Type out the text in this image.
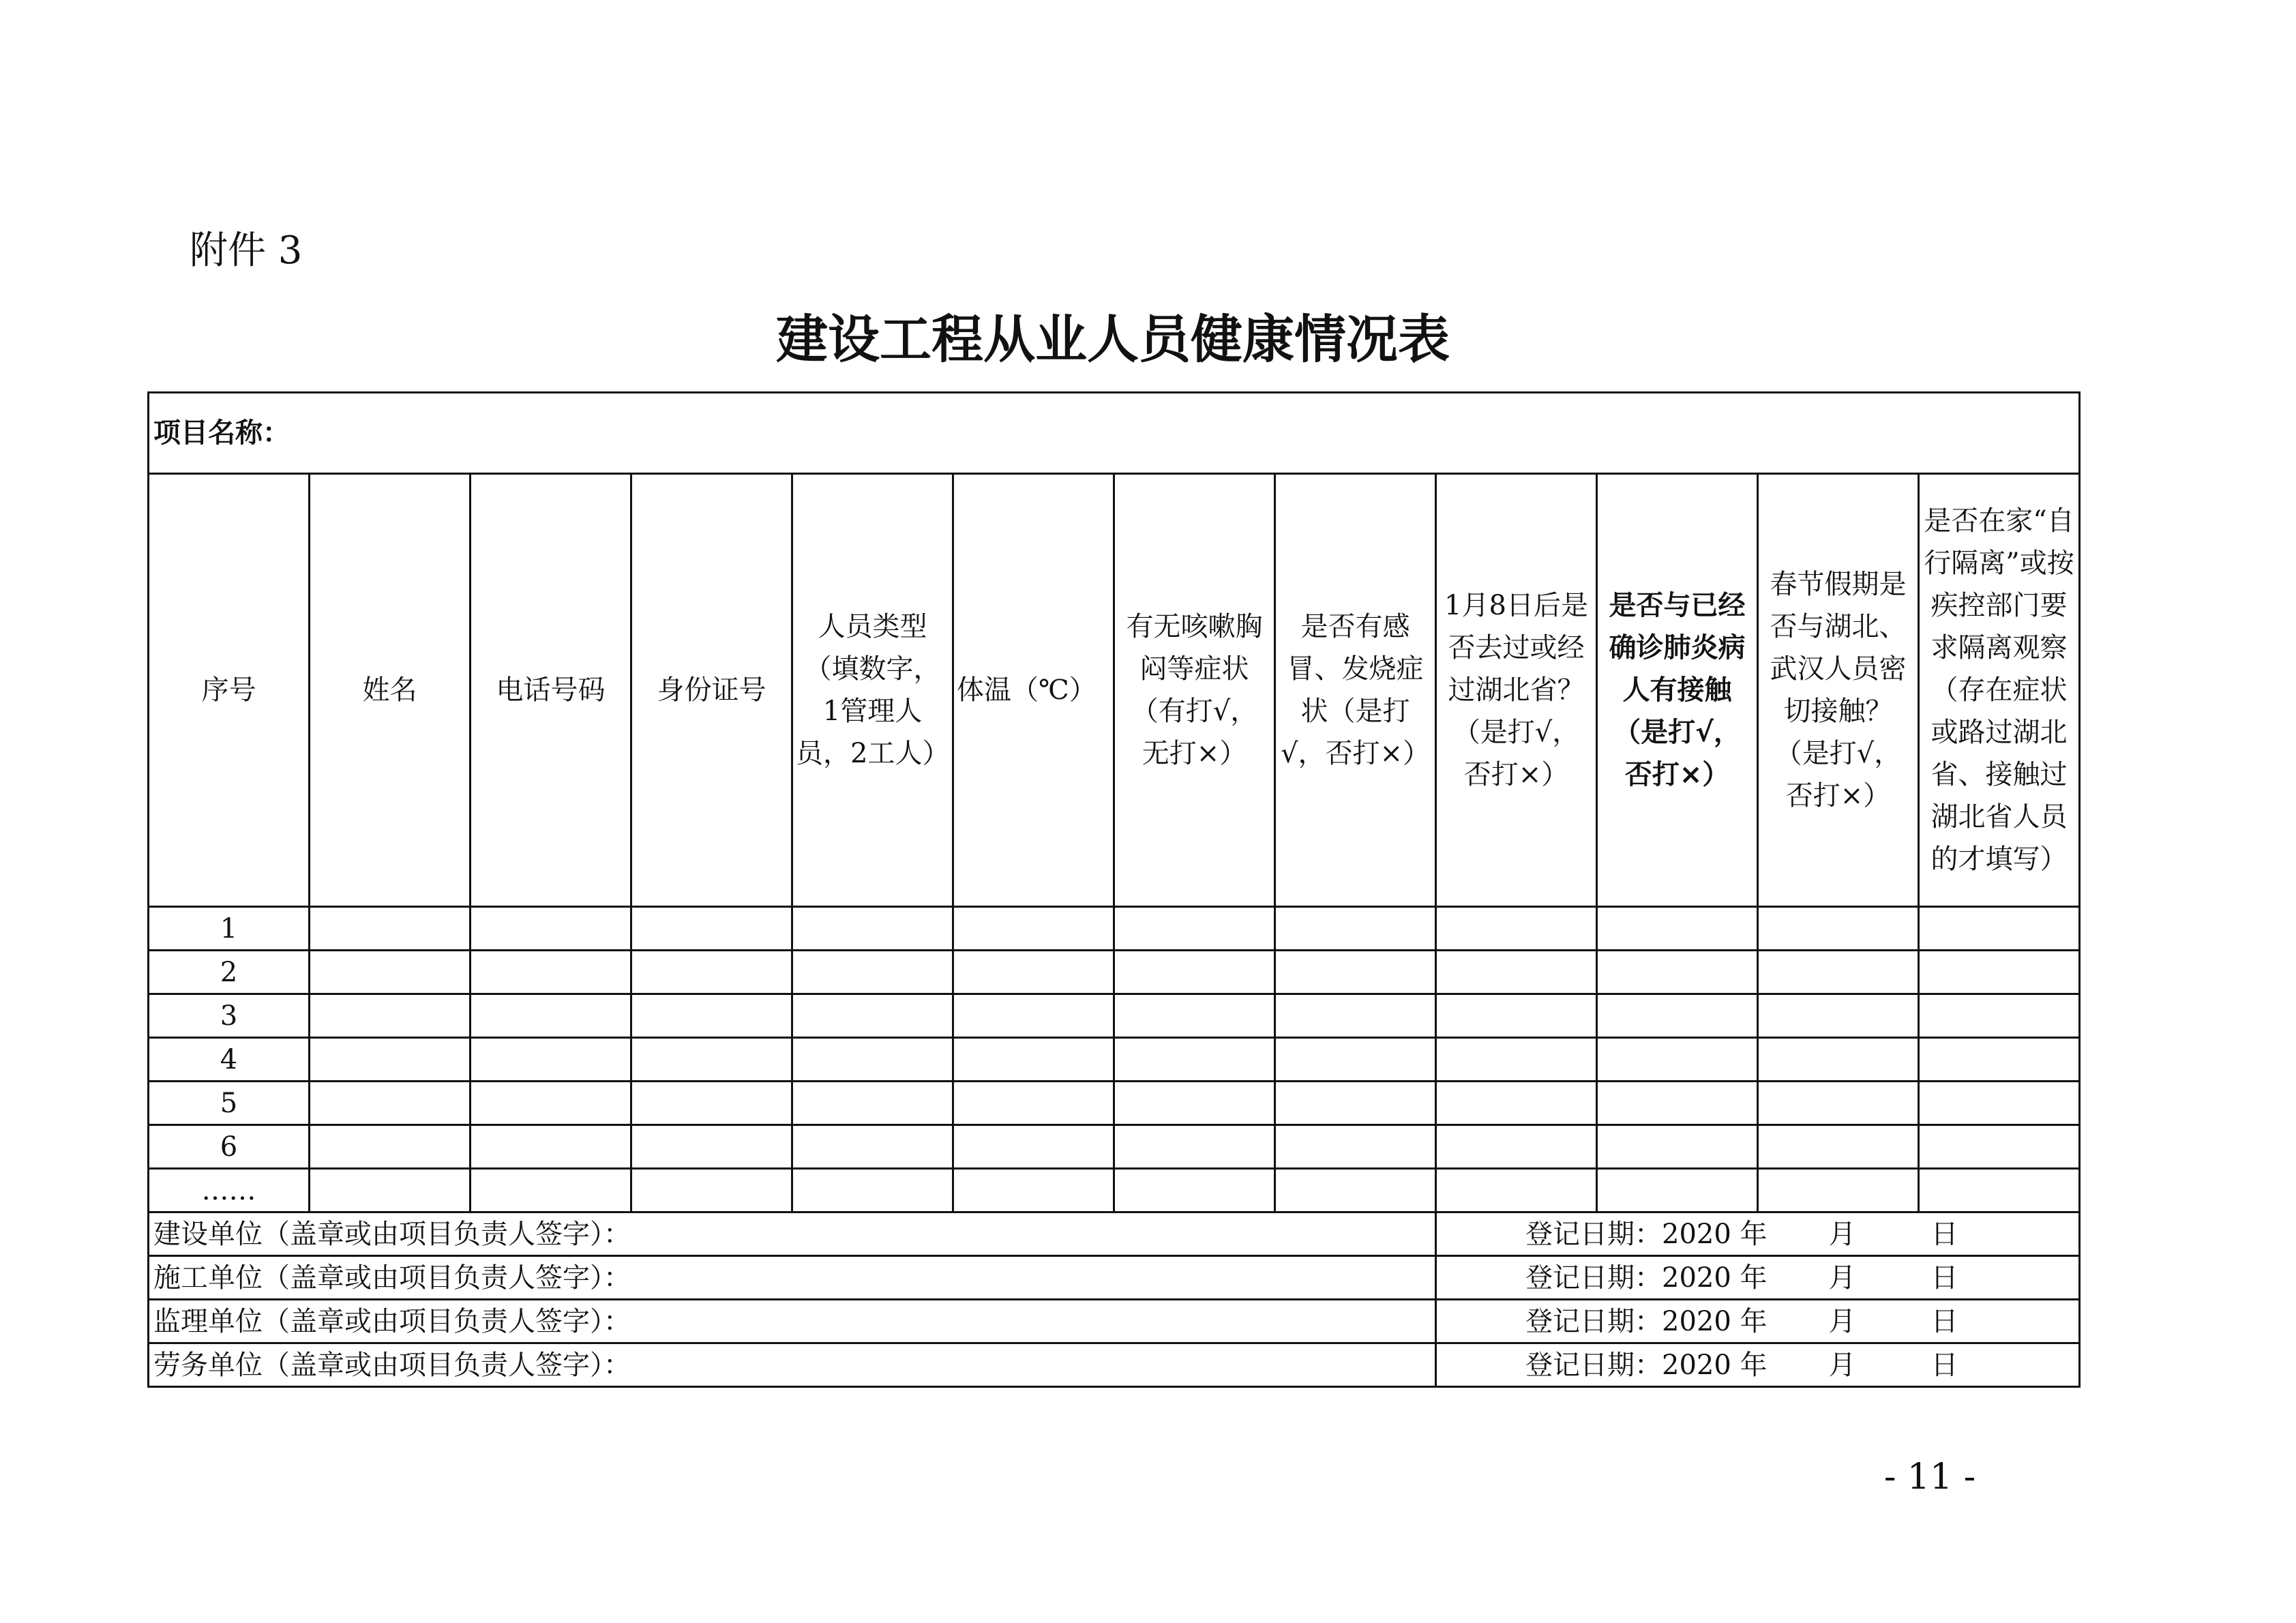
附件 3
建设工程从业人员健康情况表
项目名称：											
序号	姓名	电话号码	身份证号	人员类型（填数字，1管理人员，2工人）	体温（℃）	有无咳嗽胸闷等症状（有打√，无打×）	是否有感冒、发烧症状（是打√，否打×）	1月8日后是否去过或经过湖北省？（是打√，否打×）	是否与已经确诊肺炎病人有接触（是打√，否打×）	春节假期是否与湖北、武汉人员密切接触？（是打√，否打×）	是否在家“自行隔离”或按疾控部门要求隔离观察（存在症状或路过湖北省、接触过湖北省人员的才填写）
1											
2											
3											
4											
5											
6											
……											
建设单位（盖章或由项目负责人签字）：								登记日期：2020 年 月 日			

施工单位（盖章或由项目负责人签字）：								登记日期：2020 年 月 日			

监理单位（盖章或由项目负责人签字）：								登记日期：2020 年 月 日			

劳务单位（盖章或由项目负责人签字）：								登记日期：2020 年 月 日			
- 11 -
